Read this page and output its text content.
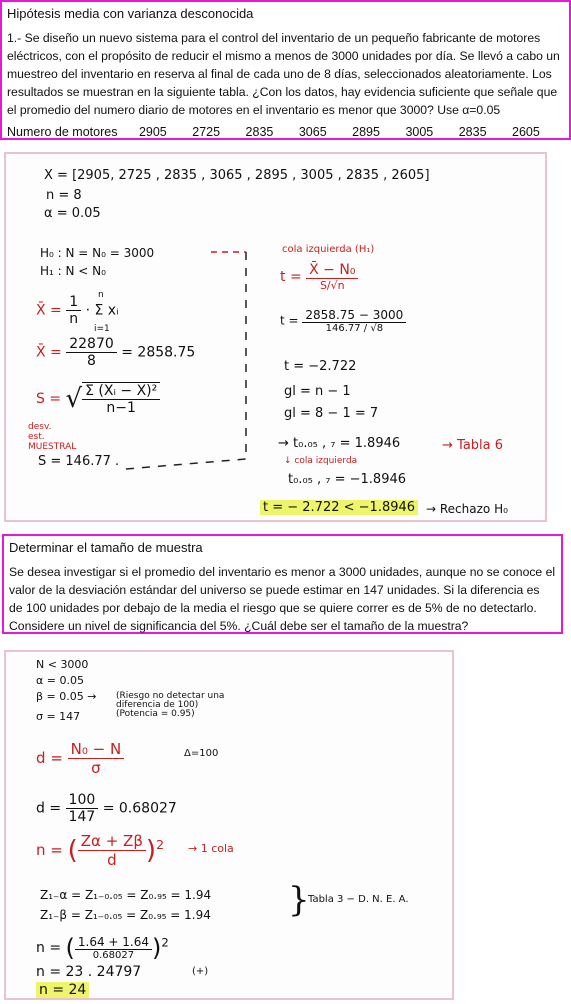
Hipótesis media con varianza desconocida

1.- Se diseño un nuevo sistema para el control del inventario de un pequeño fabricante de motores eléctricos, con el propósito de reducir el mismo a menos de 3000 unidades por día. Se llevó a cabo un muestreo del inventario en reserva al final de cada uno de 8 días, seleccionados aleatoriamente. Los resultados se muestran en la siguiente tabla. ¿Con los datos, hay evidencia suficiente que señale que el promedio del numero diario de motores en el inventario es menor que 3000? Use α=0.05

Numero de motores 2905 2725 2835 3065 2895 3005 2835 2605
X = [2905, 2725 , 2835 , 3065 , 2895 , 3005 , 2835 , 2605]
n = 8
α = 0.05
H₀ : N = N₀ = 3000
H₁ : N < N₀
X̄ = $\frac{1}{n} \cdot \Sigma$ xᵢ
n
i=1
X̄ = $\frac{22870}{8} = 2858.75$
S = √ $\frac{\text{Σ (Xᵢ − X̄)²}}{n-1}$
desv. est. MUESTRAL
S = 146.77 .
cola izquierda (H₁)
$t = \frac{\text{X̄ − N₀}}{S/√n}$
$t = \frac{2858.75 - 3000}{146.77 / √8}$
t = −2.722
gl = n − 1
gl = 8 − 1 = 7
→ t₀.₀₅ , ₇ = 1.8946	→ Tabla 6
↓ cola izquierda
t₀.₀₅ , ₇ = −1.8946
t = − 2.722 < −1.8946 → Rechazo H₀
Determinar el tamaño de muestra

Se desea investigar si el promedio del inventario es menor a 3000 unidades, aunque no se conoce el valor de la desviación estándar del universo se puede estimar en 147 unidades. Si la diferencia es de 100 unidades por debajo de la media el riesgo que se quiere correr es de 5% de no detectarlo. Considere un nivel de significancia del 5%. ¿Cuál debe ser el tamaño de la muestra?

N < 3000
α = 0.05
β = 0.05 → (Riesgo no detectar una diferencia de 100) (Potencia = 0.95)
σ = 147
$d = \frac{\text{N₀ − N}}{\sigma}$	Δ=100
$d = \frac{100}{147} = 0.68027$
n = ( $\frac{Z\alpha + Z\beta}{d} )^2 \to 1$ cola
Z₁₋α = Z₁₋₀.₀₅ = Z₀.₉₅ = 1.94
Z₁₋β = Z₁₋₀.₀₅ = Z₀.₉₅ = 1.94 }
Tabla 3 − D. N. E. A.
n = ( $\frac{1.64 + 1.64}{0.68027} )^2$
n = 23 . 24797	(+)
n = 24
